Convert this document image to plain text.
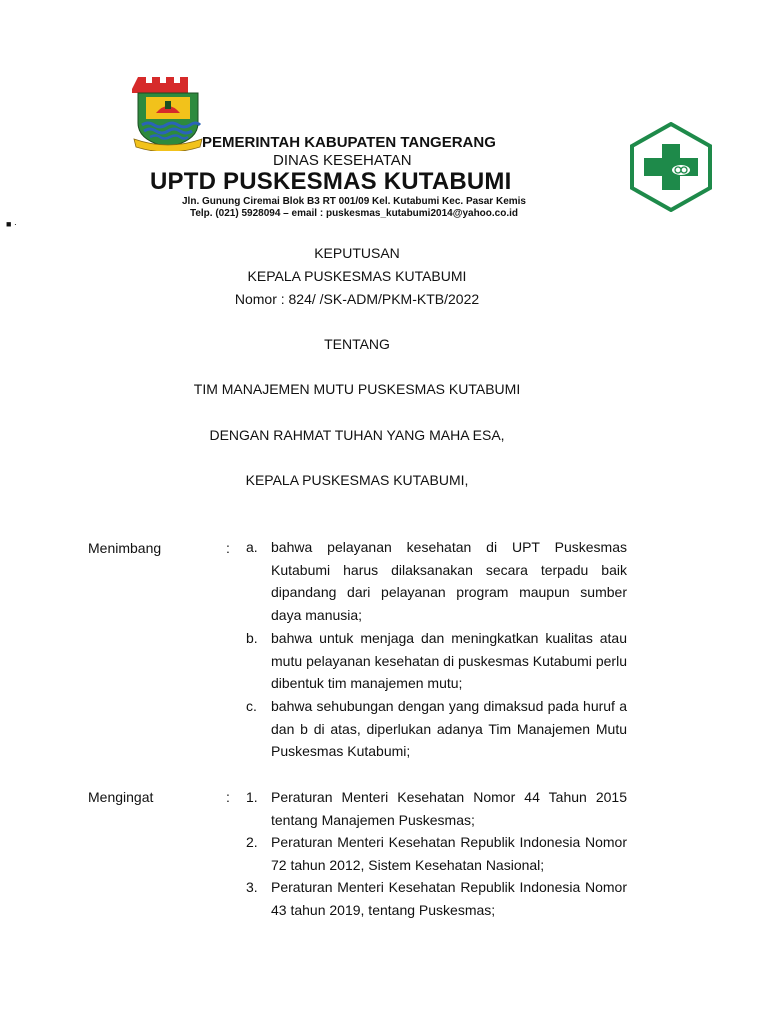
PEMERINTAH KABUPATEN TANGERANG
DINAS KESEHATAN
UPTD PUSKESMAS KUTABUMI
Jln. Gunung Ciremai Blok B3 RT 001/09 Kel. Kutabumi Kec. Pasar Kemis
Telp. (021) 5928094 – email : puskesmas_kutabumi2014@yahoo.co.id
■ ·
KEPUTUSAN
KEPALA PUSKESMAS KUTABUMI
Nomor : 824/ /SK-ADM/PKM-KTB/2022
TENTANG
TIM MANAJEMEN MUTU PUSKESMAS KUTABUMI
DENGAN RAHMAT TUHAN YANG MAHA ESA,
KEPALA PUSKESMAS KUTABUMI,
Menimbang	: a. bahwa pelayanan kesehatan di UPT Puskesmas Kutabumi harus dilaksanakan secara terpadu baik dipandang dari pelayanan program maupun sumber daya manusia;
b. bahwa untuk menjaga dan meningkatkan kualitas atau mutu pelayanan kesehatan di puskesmas Kutabumi perlu dibentuk tim manajemen mutu;
c. bahwa sehubungan dengan yang dimaksud pada huruf a dan b di atas, diperlukan adanya Tim Manajemen Mutu Puskesmas Kutabumi;
Mengingat	: 1. Peraturan Menteri Kesehatan Nomor 44 Tahun 2015 tentang Manajemen Puskesmas;
2. Peraturan Menteri Kesehatan Republik Indonesia Nomor 72 tahun 2012, Sistem Kesehatan Nasional;
3. Peraturan Menteri Kesehatan Republik Indonesia Nomor 43 tahun 2019, tentang Puskesmas;
